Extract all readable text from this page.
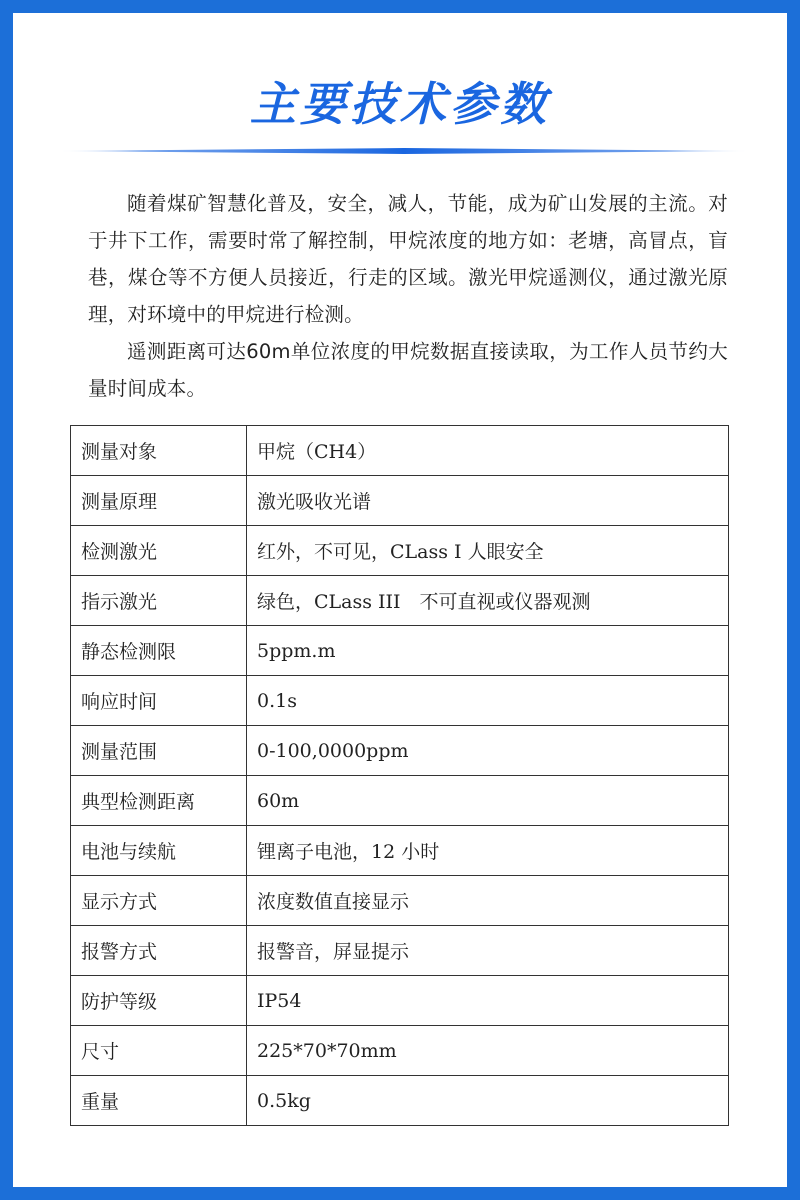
主要技术参数

随着煤矿智慧化普及，安全，减人，节能，成为矿山发展的主流。对于井下工作，需要时常了解控制，甲烷浓度的地方如：老塘，高冒点，盲巷，煤仓等不方便人员接近，行走的区域。激光甲烷遥测仪，通过激光原理，对环境中的甲烷进行检测。

遥测距离可达60m单位浓度的甲烷数据直接读取，为工作人员节约大量时间成本。

测量对象	甲烷（CH4）
测量原理	激光吸收光谱
检测激光	红外，不可见，CLass I 人眼安全
指示激光	绿色，CLass III　不可直视或仪器观测
静态检测限	5ppm.m
响应时间	0.1s
测量范围	0-100,0000ppm
典型检测距离	60m
电池与续航	锂离子电池，12 小时
显示方式	浓度数值直接显示
报警方式	报警音，屏显提示
防护等级	IP54
尺寸	225*70*70mm
重量	0.5kg
